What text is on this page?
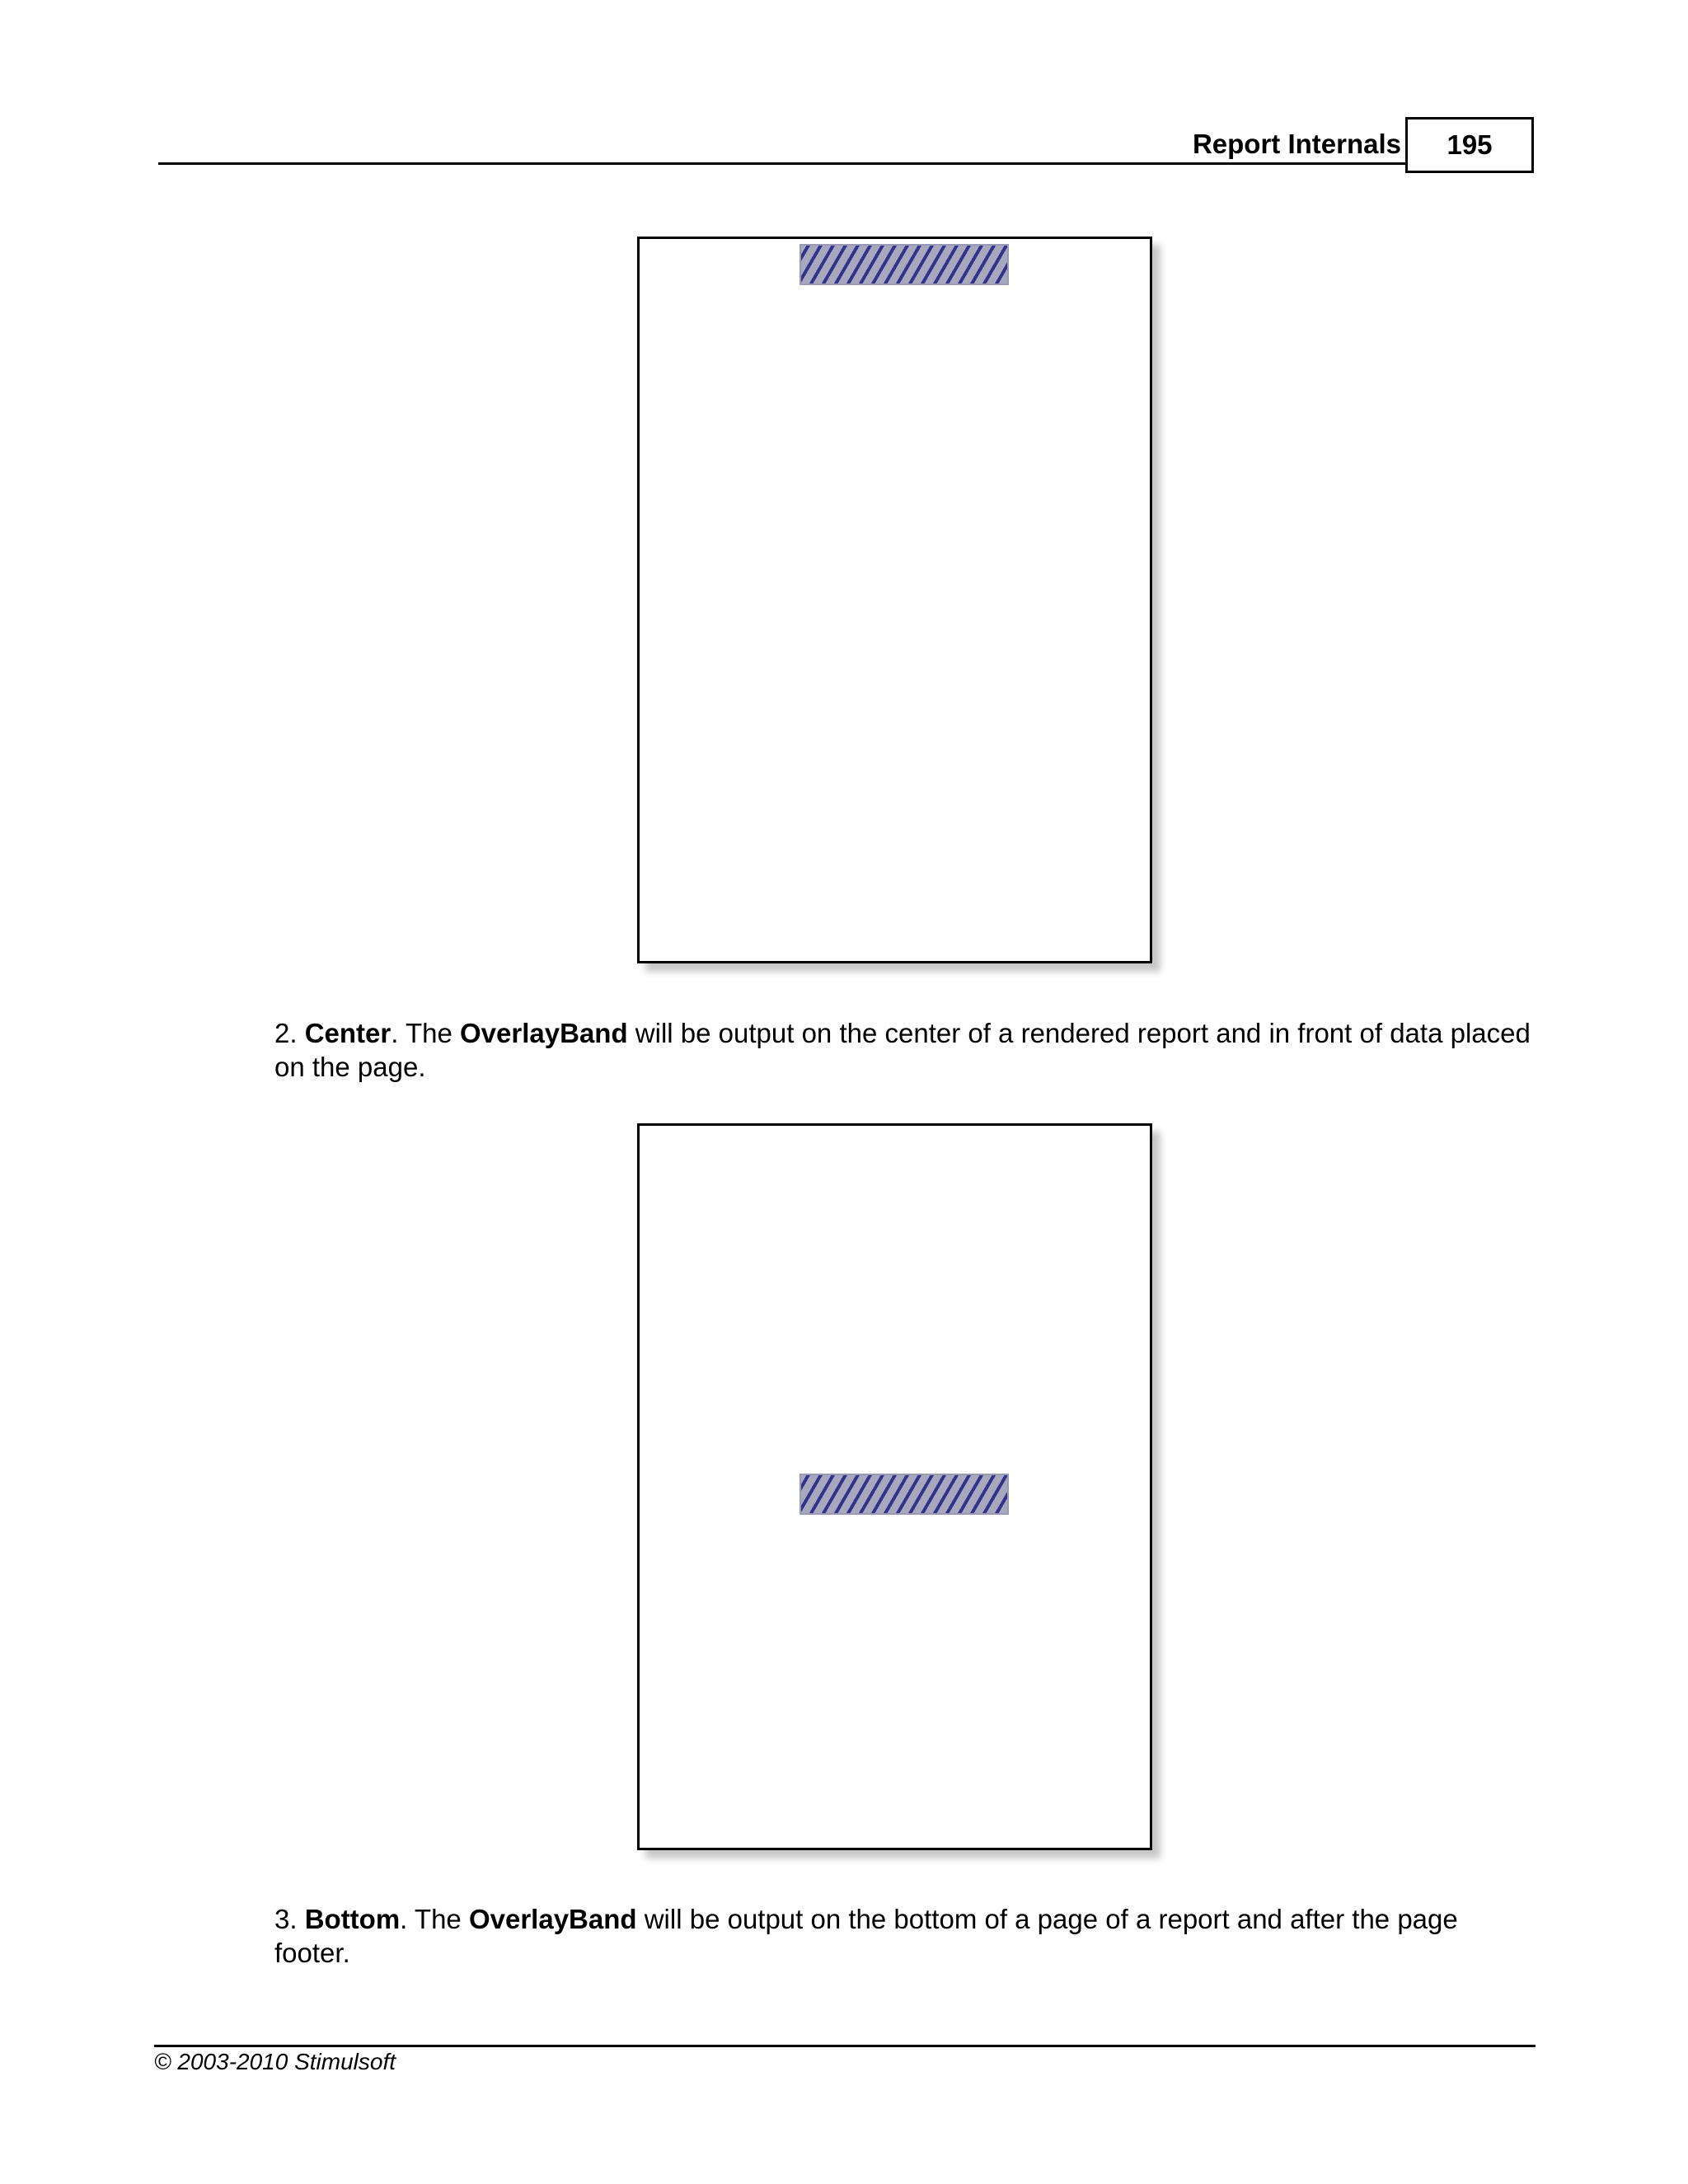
Report Internals 195
2. Center. The OverlayBand will be output on the center of a rendered report and in front of data placed on the page.
3. Bottom. The OverlayBand will be output on the bottom of a page of a report and after the page footer.
© 2003-2010 Stimulsoft
